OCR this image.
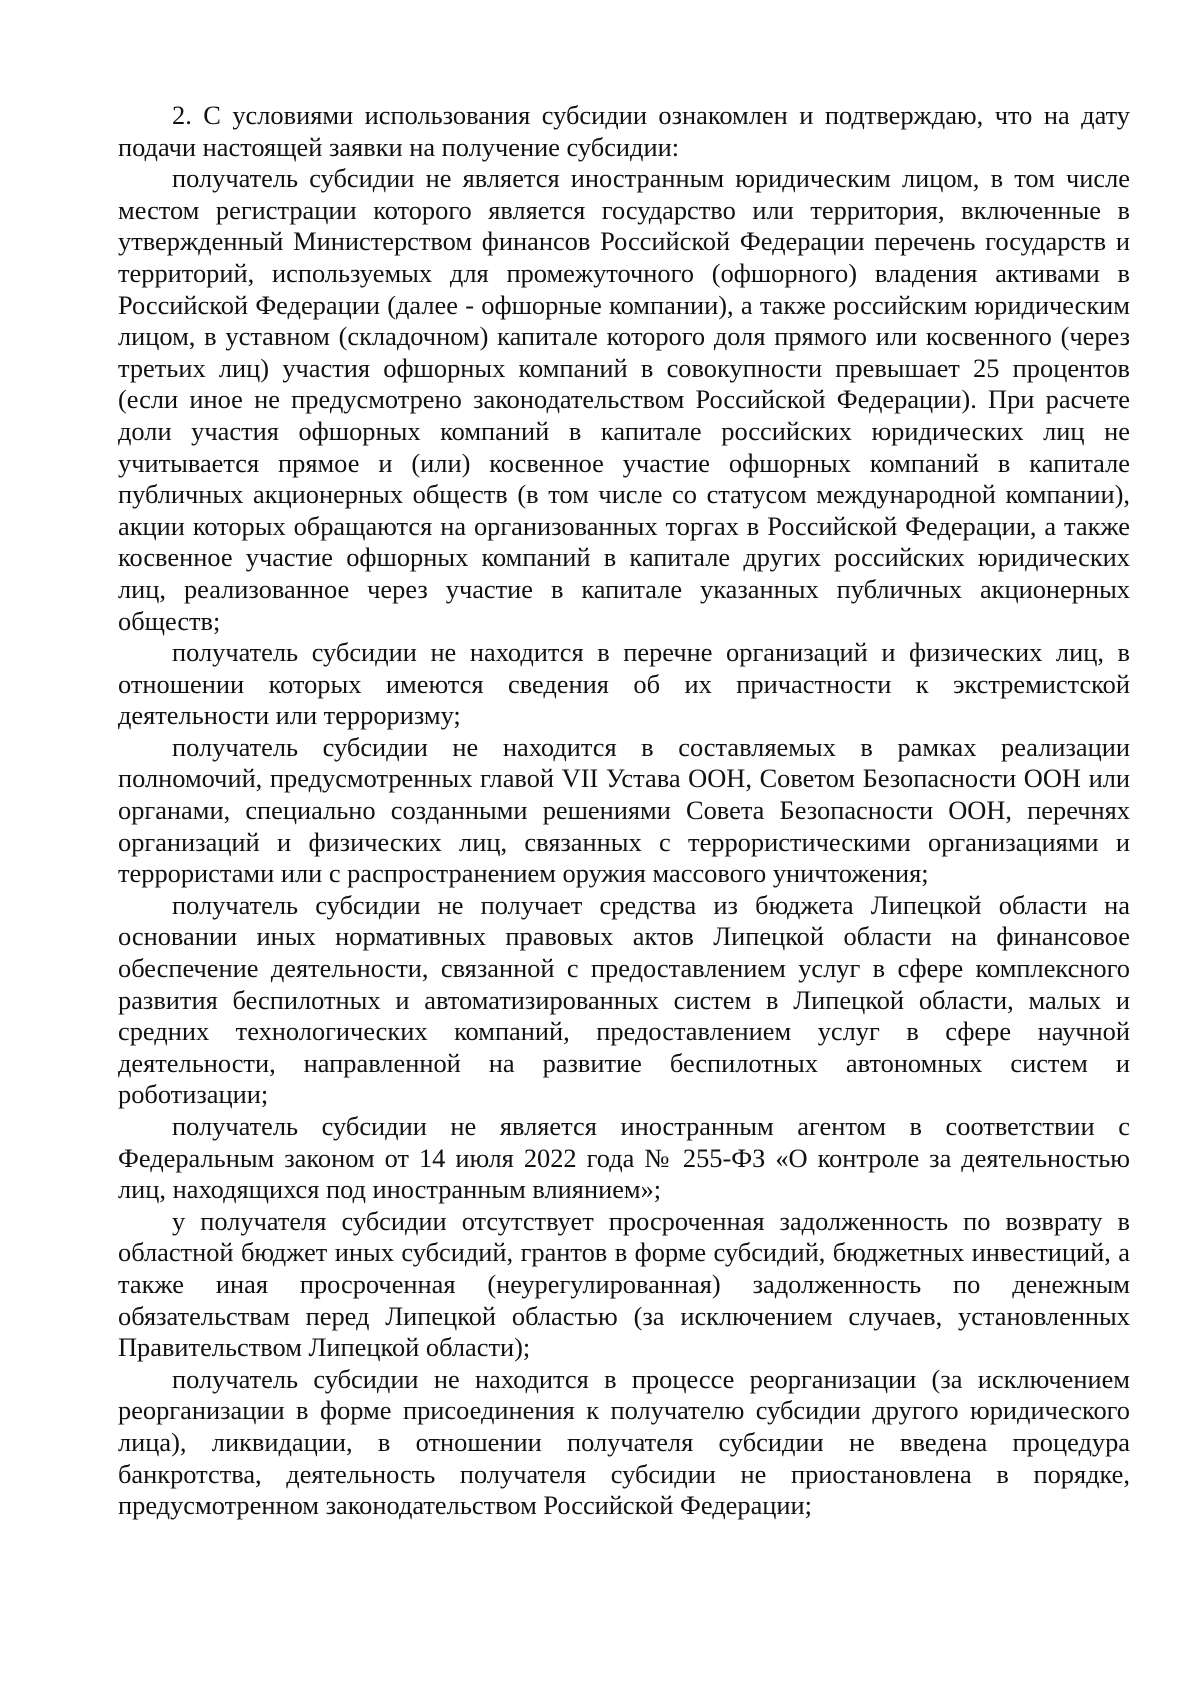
2. С условиями использования субсидии ознакомлен и подтверждаю, что на дату подачи настоящей заявки на получение субсидии:

получатель субсидии не является иностранным юридическим лицом, в том числе местом регистрации которого является государство или территория, включенные в утвержденный Министерством финансов Российской Федерации перечень государств и территорий, используемых для промежуточного (офшорного) владения активами в Российской Федерации (далее - офшорные компании), а также российским юридическим лицом, в уставном (складочном) капитале которого доля прямого или косвенного (через третьих лиц) участия офшорных компаний в совокупности превышает 25 процентов (если иное не предусмотрено законодательством Российской Федерации). При расчете доли участия офшорных компаний в капитале российских юридических лиц не учитывается прямое и (или) косвенное участие офшорных компаний в капитале публичных акционерных обществ (в том числе со статусом международной компании), акции которых обращаются на организованных торгах в Российской Федерации, а также косвенное участие офшорных компаний в капитале других российских юридических лиц, реализованное через участие в капитале указанных публичных акционерных обществ;

получатель субсидии не находится в перечне организаций и физических лиц, в отношении которых имеются сведения об их причастности к экстремистской деятельности или терроризму;

получатель субсидии не находится в составляемых в рамках реализации полномочий, предусмотренных главой VII Устава ООН, Советом Безопасности ООН или органами, специально созданными решениями Совета Безопасности ООН, перечнях организаций и физических лиц, связанных с террористическими организациями и террористами или с распространением оружия массового уничтожения;

получатель субсидии не получает средства из бюджета Липецкой области на основании иных нормативных правовых актов Липецкой области на финансовое обеспечение деятельности, связанной с предоставлением услуг в сфере комплексного развития беспилотных и автоматизированных систем в Липецкой области, малых и средних технологических компаний, предоставлением услуг в сфере научной деятельности, направленной на развитие беспилотных автономных систем и роботизации;

получатель субсидии не является иностранным агентом в соответствии с Федеральным законом от 14 июля 2022 года № 255-ФЗ «О контроле за деятельностью лиц, находящихся под иностранным влиянием»;

у получателя субсидии отсутствует просроченная задолженность по возврату в областной бюджет иных субсидий, грантов в форме субсидий, бюджетных инвестиций, а также иная просроченная (неурегулированная) задолженность по денежным обязательствам перед Липецкой областью (за исключением случаев, установленных Правительством Липецкой области);

получатель субсидии не находится в процессе реорганизации (за исключением реорганизации в форме присоединения к получателю субсидии другого юридического лица), ликвидации, в отношении получателя субсидии не введена процедура банкротства, деятельность получателя субсидии не приостановлена в порядке, предусмотренном законодательством Российской Федерации;
